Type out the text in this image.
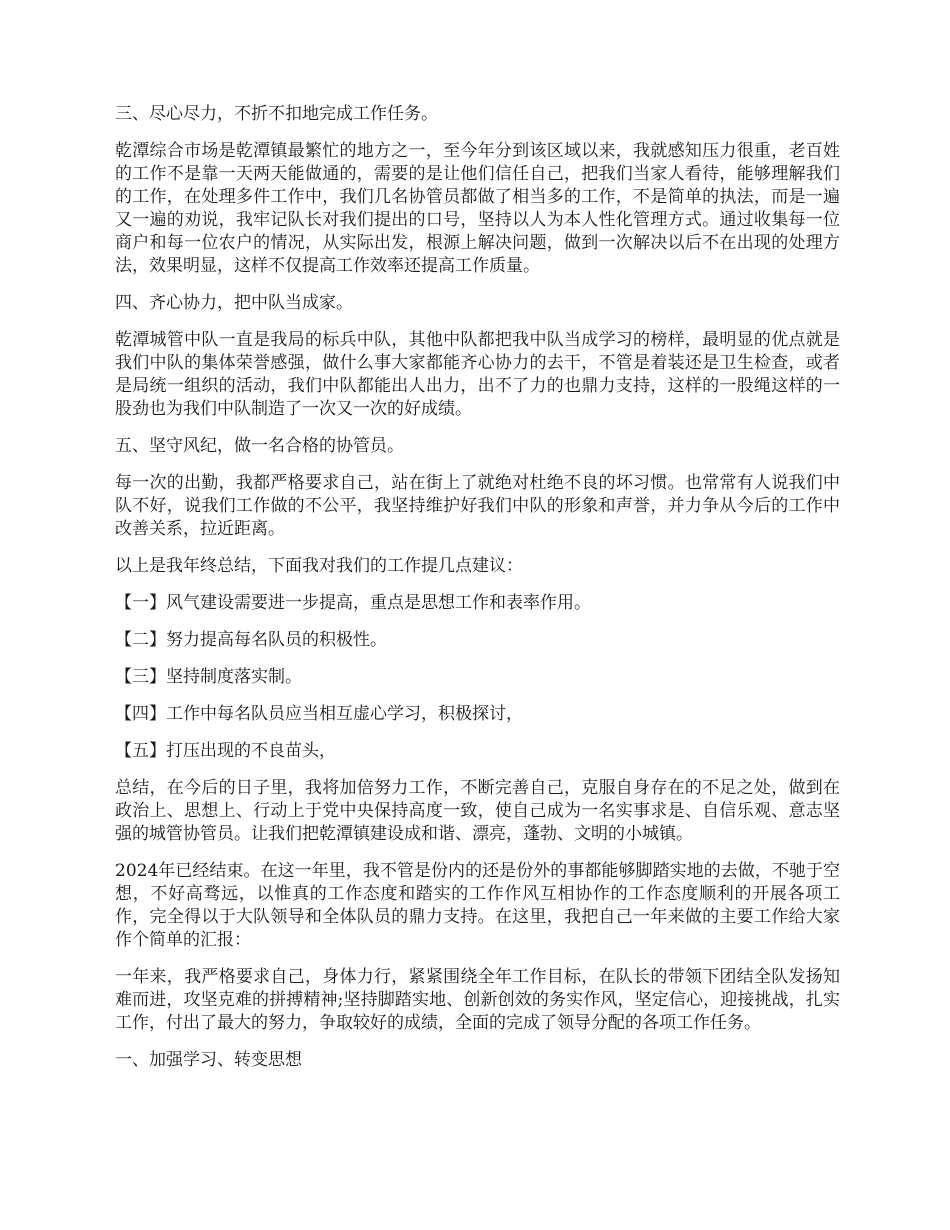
三、尽心尽力，不折不扣地完成工作任务。

乾潭综合市场是乾潭镇最繁忙的地方之一，至今年分到该区域以来，我就感知压力很重，老百姓的工作不是靠一天两天能做通的，需要的是让他们信任自己，把我们当家人看待，能够理解我们的工作，在处理多件工作中，我们几名协管员都做了相当多的工作，不是简单的执法，而是一遍又一遍的劝说，我牢记队长对我们提出的口号，坚持以人为本人性化管理方式。通过收集每一位商户和每一位农户的情况，从实际出发，根源上解决问题，做到一次解决以后不在出现的处理方法，效果明显，这样不仅提高工作效率还提高工作质量。

四、齐心协力，把中队当成家。

乾潭城管中队一直是我局的标兵中队，其他中队都把我中队当成学习的榜样，最明显的优点就是我们中队的集体荣誉感强，做什么事大家都能齐心协力的去干，不管是着装还是卫生检查，或者是局统一组织的活动，我们中队都能出人出力，出不了力的也鼎力支持，这样的一股绳这样的一股劲也为我们中队制造了一次又一次的好成绩。

五、坚守风纪，做一名合格的协管员。

每一次的出勤，我都严格要求自己，站在街上了就绝对杜绝不良的坏习惯。也常常有人说我们中队不好，说我们工作做的不公平，我坚持维护好我们中队的形象和声誉，并力争从今后的工作中改善关系，拉近距离。

以上是我年终总结，下面我对我们的工作提几点建议：

【一】风气建设需要进一步提高，重点是思想工作和表率作用。

【二】努力提高每名队员的积极性。

【三】坚持制度落实制。

【四】工作中每名队员应当相互虚心学习，积极探讨，

【五】打压出现的不良苗头，

总结，在今后的日子里，我将加倍努力工作，不断完善自己，克服自身存在的不足之处，做到在政治上、思想上、行动上于党中央保持高度一致，使自己成为一名实事求是、自信乐观、意志坚强的城管协管员。让我们把乾潭镇建设成和谐、漂亮，蓬勃、文明的小城镇。

2024年已经结束。在这一年里，我不管是份内的还是份外的事都能够脚踏实地的去做，不驰于空想，不好高骛远，以惟真的工作态度和踏实的工作作风互相协作的工作态度顺利的开展各项工作，完全得以于大队领导和全体队员的鼎力支持。在这里，我把自己一年来做的主要工作给大家作个简单的汇报：

一年来，我严格要求自己，身体力行，紧紧围绕全年工作目标，在队长的带领下团结全队发扬知难而进，攻坚克难的拼搏精神;坚持脚踏实地、创新创效的务实作风，坚定信心，迎接挑战，扎实工作，付出了最大的努力，争取较好的成绩，全面的完成了领导分配的各项工作任务。

一、加强学习、转变思想
